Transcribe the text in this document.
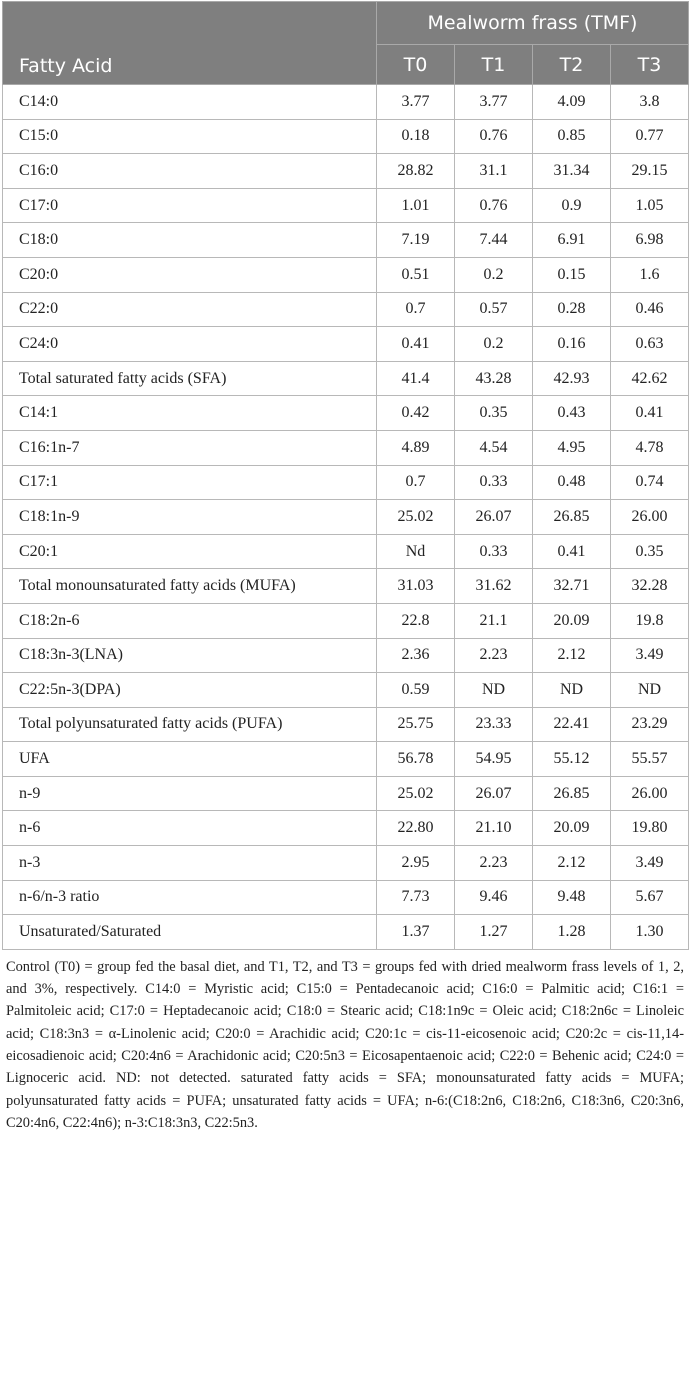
Fatty Acid	Mealworm frass (TMF)			
	T0	T1	T2	T3
C14:0	3.77	3.77	4.09	3.8
C15:0	0.18	0.76	0.85	0.77
C16:0	28.82	31.1	31.34	29.15
C17:0	1.01	0.76	0.9	1.05
C18:0	7.19	7.44	6.91	6.98
C20:0	0.51	0.2	0.15	1.6
C22:0	0.7	0.57	0.28	0.46
C24:0	0.41	0.2	0.16	0.63
Total saturated fatty acids (SFA)	41.4	43.28	42.93	42.62
C14:1	0.42	0.35	0.43	0.41
C16:1n-7	4.89	4.54	4.95	4.78
C17:1	0.7	0.33	0.48	0.74
C18:1n-9	25.02	26.07	26.85	26.00
C20:1	Nd	0.33	0.41	0.35
Total monounsaturated fatty acids (MUFA)	31.03	31.62	32.71	32.28
C18:2n-6	22.8	21.1	20.09	19.8
C18:3n-3(LNA)	2.36	2.23	2.12	3.49
C22:5n-3(DPA)	0.59	ND	ND	ND
Total polyunsaturated fatty acids (PUFA)	25.75	23.33	22.41	23.29
UFA	56.78	54.95	55.12	55.57
n-9	25.02	26.07	26.85	26.00
n-6	22.80	21.10	20.09	19.80
n-3	2.95	2.23	2.12	3.49
n-6/n-3 ratio	7.73	9.46	9.48	5.67
Unsaturated/Saturated	1.37	1.27	1.28	1.30

Control (T0) = group fed the basal diet, and T1, T2, and T3 = groups fed with dried mealworm frass levels of 1, 2, and 3%, respectively. C14:0 = Myristic acid; C15:0 = Pentadecanoic acid; C16:0 = Palmitic acid; C16:1 = Palmitoleic acid; C17:0 = Heptadecanoic acid; C18:0 = Stearic acid; C18:1n9c = Oleic acid; C18:2n6c = Linoleic acid; C18:3n3 = α-Linolenic acid; C20:0 = Arachidic acid; C20:1c = cis-11-eicosenoic acid; C20:2c = cis-11,14-eicosadienoic acid; C20:4n6 = Arachidonic acid; C20:5n3 = Eicosapentaenoic acid; C22:0 = Behenic acid; C24:0 = Lignoceric acid. ND: not detected. saturated fatty acids = SFA; monounsaturated fatty acids = MUFA; polyunsaturated fatty acids = PUFA; unsaturated fatty acids = UFA; n-6:(C18:2n6, C18:2n6, C18:3n6, C20:3n6, C20:4n6, C22:4n6); n-3:C18:3n3, C22:5n3.
